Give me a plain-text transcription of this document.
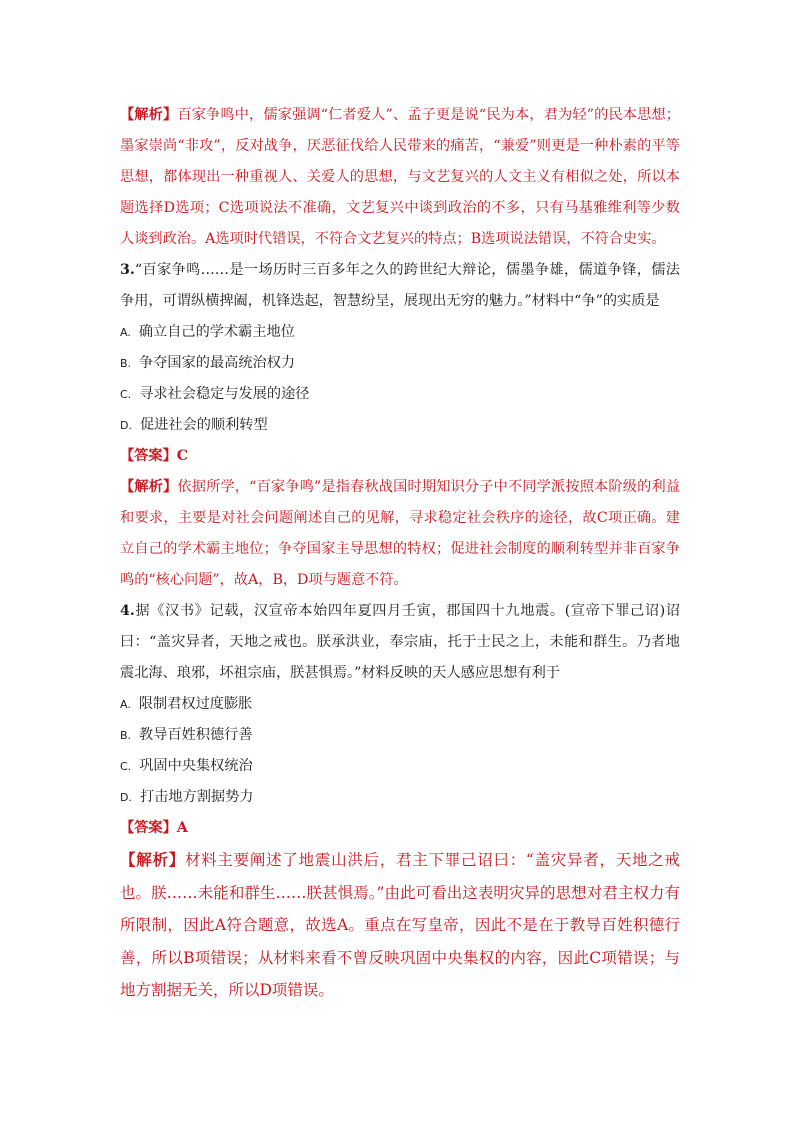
【解析】百家争鸣中，儒家强调“仁者爱人”、孟子更是说“民为本，君为轻”的民本思想；墨家崇尚“非攻”，反对战争，厌恶征伐给人民带来的痛苦，“兼爱”则更是一种朴素的平等思想，都体现出一种重视人、关爱人的思想，与文艺复兴的人文主义有相似之处，所以本题选择D选项；C选项说法不准确，文艺复兴中谈到政治的不多，只有马基雅维利等少数人谈到政治。A选项时代错误，不符合文艺复兴的特点；B选项说法错误，不符合史实。

3.“百家争鸣……是一场历时三百多年之久的跨世纪大辩论，儒墨争雄，儒道争锋，儒法争用，可谓纵横捭阖，机锋迭起，智慧纷呈，展现出无穷的魅力。”材料中“争”的实质是

A. 确立自己的学术霸主地位

B. 争夺国家的最高统治权力

C. 寻求社会稳定与发展的途径

D. 促进社会的顺利转型

【答案】C

【解析】依据所学，“百家争鸣”是指春秋战国时期知识分子中不同学派按照本阶级的利益和要求，主要是对社会问题阐述自己的见解，寻求稳定社会秩序的途径，故C项正确。建立自己的学术霸主地位；争夺国家主导思想的特权；促进社会制度的顺利转型并非百家争鸣的“核心问题”，故A，B，D项与题意不符。

4.据《汉书》记载，汉宣帝本始四年夏四月壬寅，郡国四十九地震。(宣帝下罪己诏)诏曰：“盖灾异者，天地之戒也。朕承洪业，奉宗庙，托于士民之上，未能和群生。乃者地震北海、琅邪，坏祖宗庙，朕甚惧焉。”材料反映的天人感应思想有利于

A. 限制君权过度膨胀

B. 教导百姓积德行善

C. 巩固中央集权统治

D. 打击地方割据势力

【答案】A

【解析】材料主要阐述了地震山洪后，君主下罪己诏曰：“盖灾异者，天地之戒也。朕……未能和群生……朕甚惧焉。”由此可看出这表明灾异的思想对君主权力有所限制，因此A符合题意，故选A。重点在写皇帝，因此不是在于教导百姓积德行善，所以B项错误；从材料来看不曾反映巩固中央集权的内容，因此C项错误；与地方割据无关，所以D项错误。
